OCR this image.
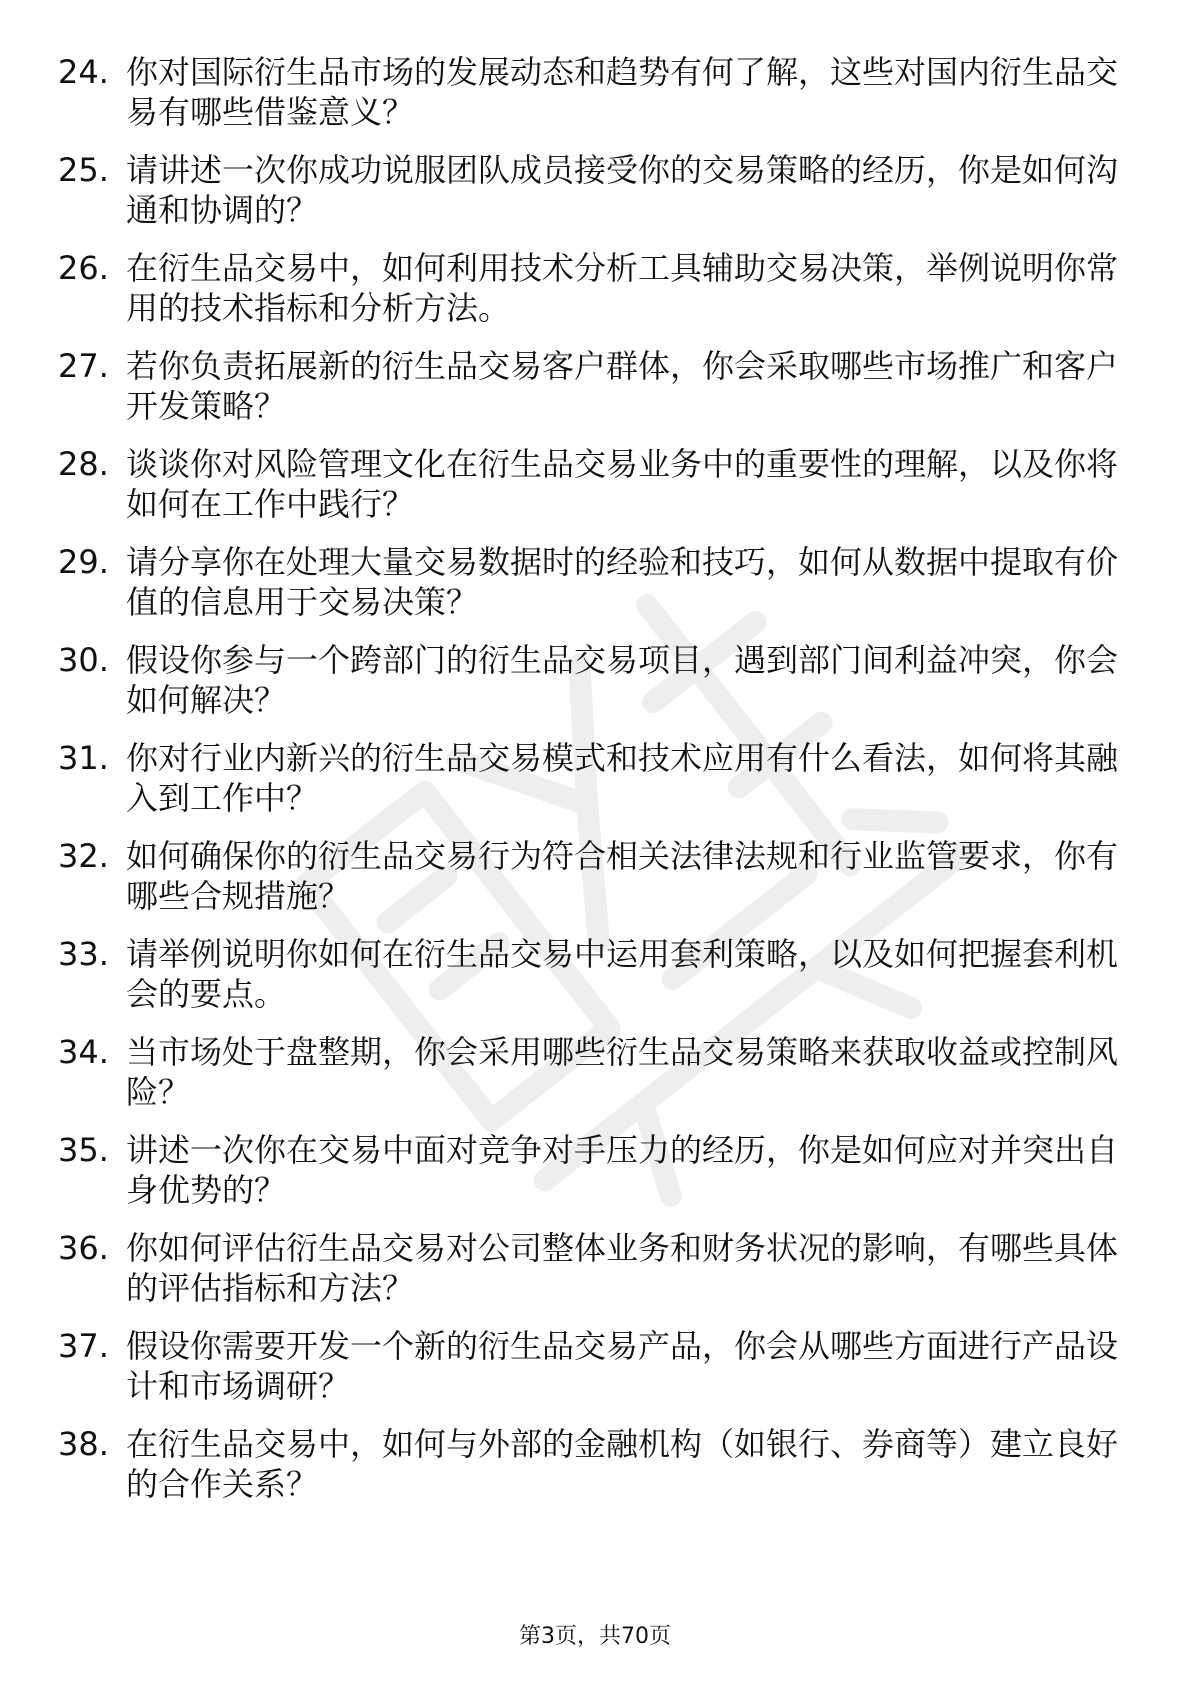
24. 你对国际衍生品市场的发展动态和趋势有何了解，这些对国内衍生品交易有哪些借鉴意义？
25. 请讲述一次你成功说服团队成员接受你的交易策略的经历，你是如何沟通和协调的？
26. 在衍生品交易中，如何利用技术分析工具辅助交易决策，举例说明你常用的技术指标和分析方法。
27. 若你负责拓展新的衍生品交易客户群体，你会采取哪些市场推广和客户开发策略？
28. 谈谈你对风险管理文化在衍生品交易业务中的重要性的理解，以及你将如何在工作中践行？
29. 请分享你在处理大量交易数据时的经验和技巧，如何从数据中提取有价值的信息用于交易决策？
30. 假设你参与一个跨部门的衍生品交易项目，遇到部门间利益冲突，你会如何解决？
31. 你对行业内新兴的衍生品交易模式和技术应用有什么看法，如何将其融入到工作中？
32. 如何确保你的衍生品交易行为符合相关法律法规和行业监管要求，你有哪些合规措施？
33. 请举例说明你如何在衍生品交易中运用套利策略，以及如何把握套利机会的要点。
34. 当市场处于盘整期，你会采用哪些衍生品交易策略来获取收益或控制风险？
35. 讲述一次你在交易中面对竞争对手压力的经历，你是如何应对并突出自身优势的？
36. 你如何评估衍生品交易对公司整体业务和财务状况的影响，有哪些具体的评估指标和方法？
37. 假设你需要开发一个新的衍生品交易产品，你会从哪些方面进行产品设计和市场调研？
38. 在衍生品交易中，如何与外部的金融机构（如银行、券商等）建立良好的合作关系？
第3页，共70页
